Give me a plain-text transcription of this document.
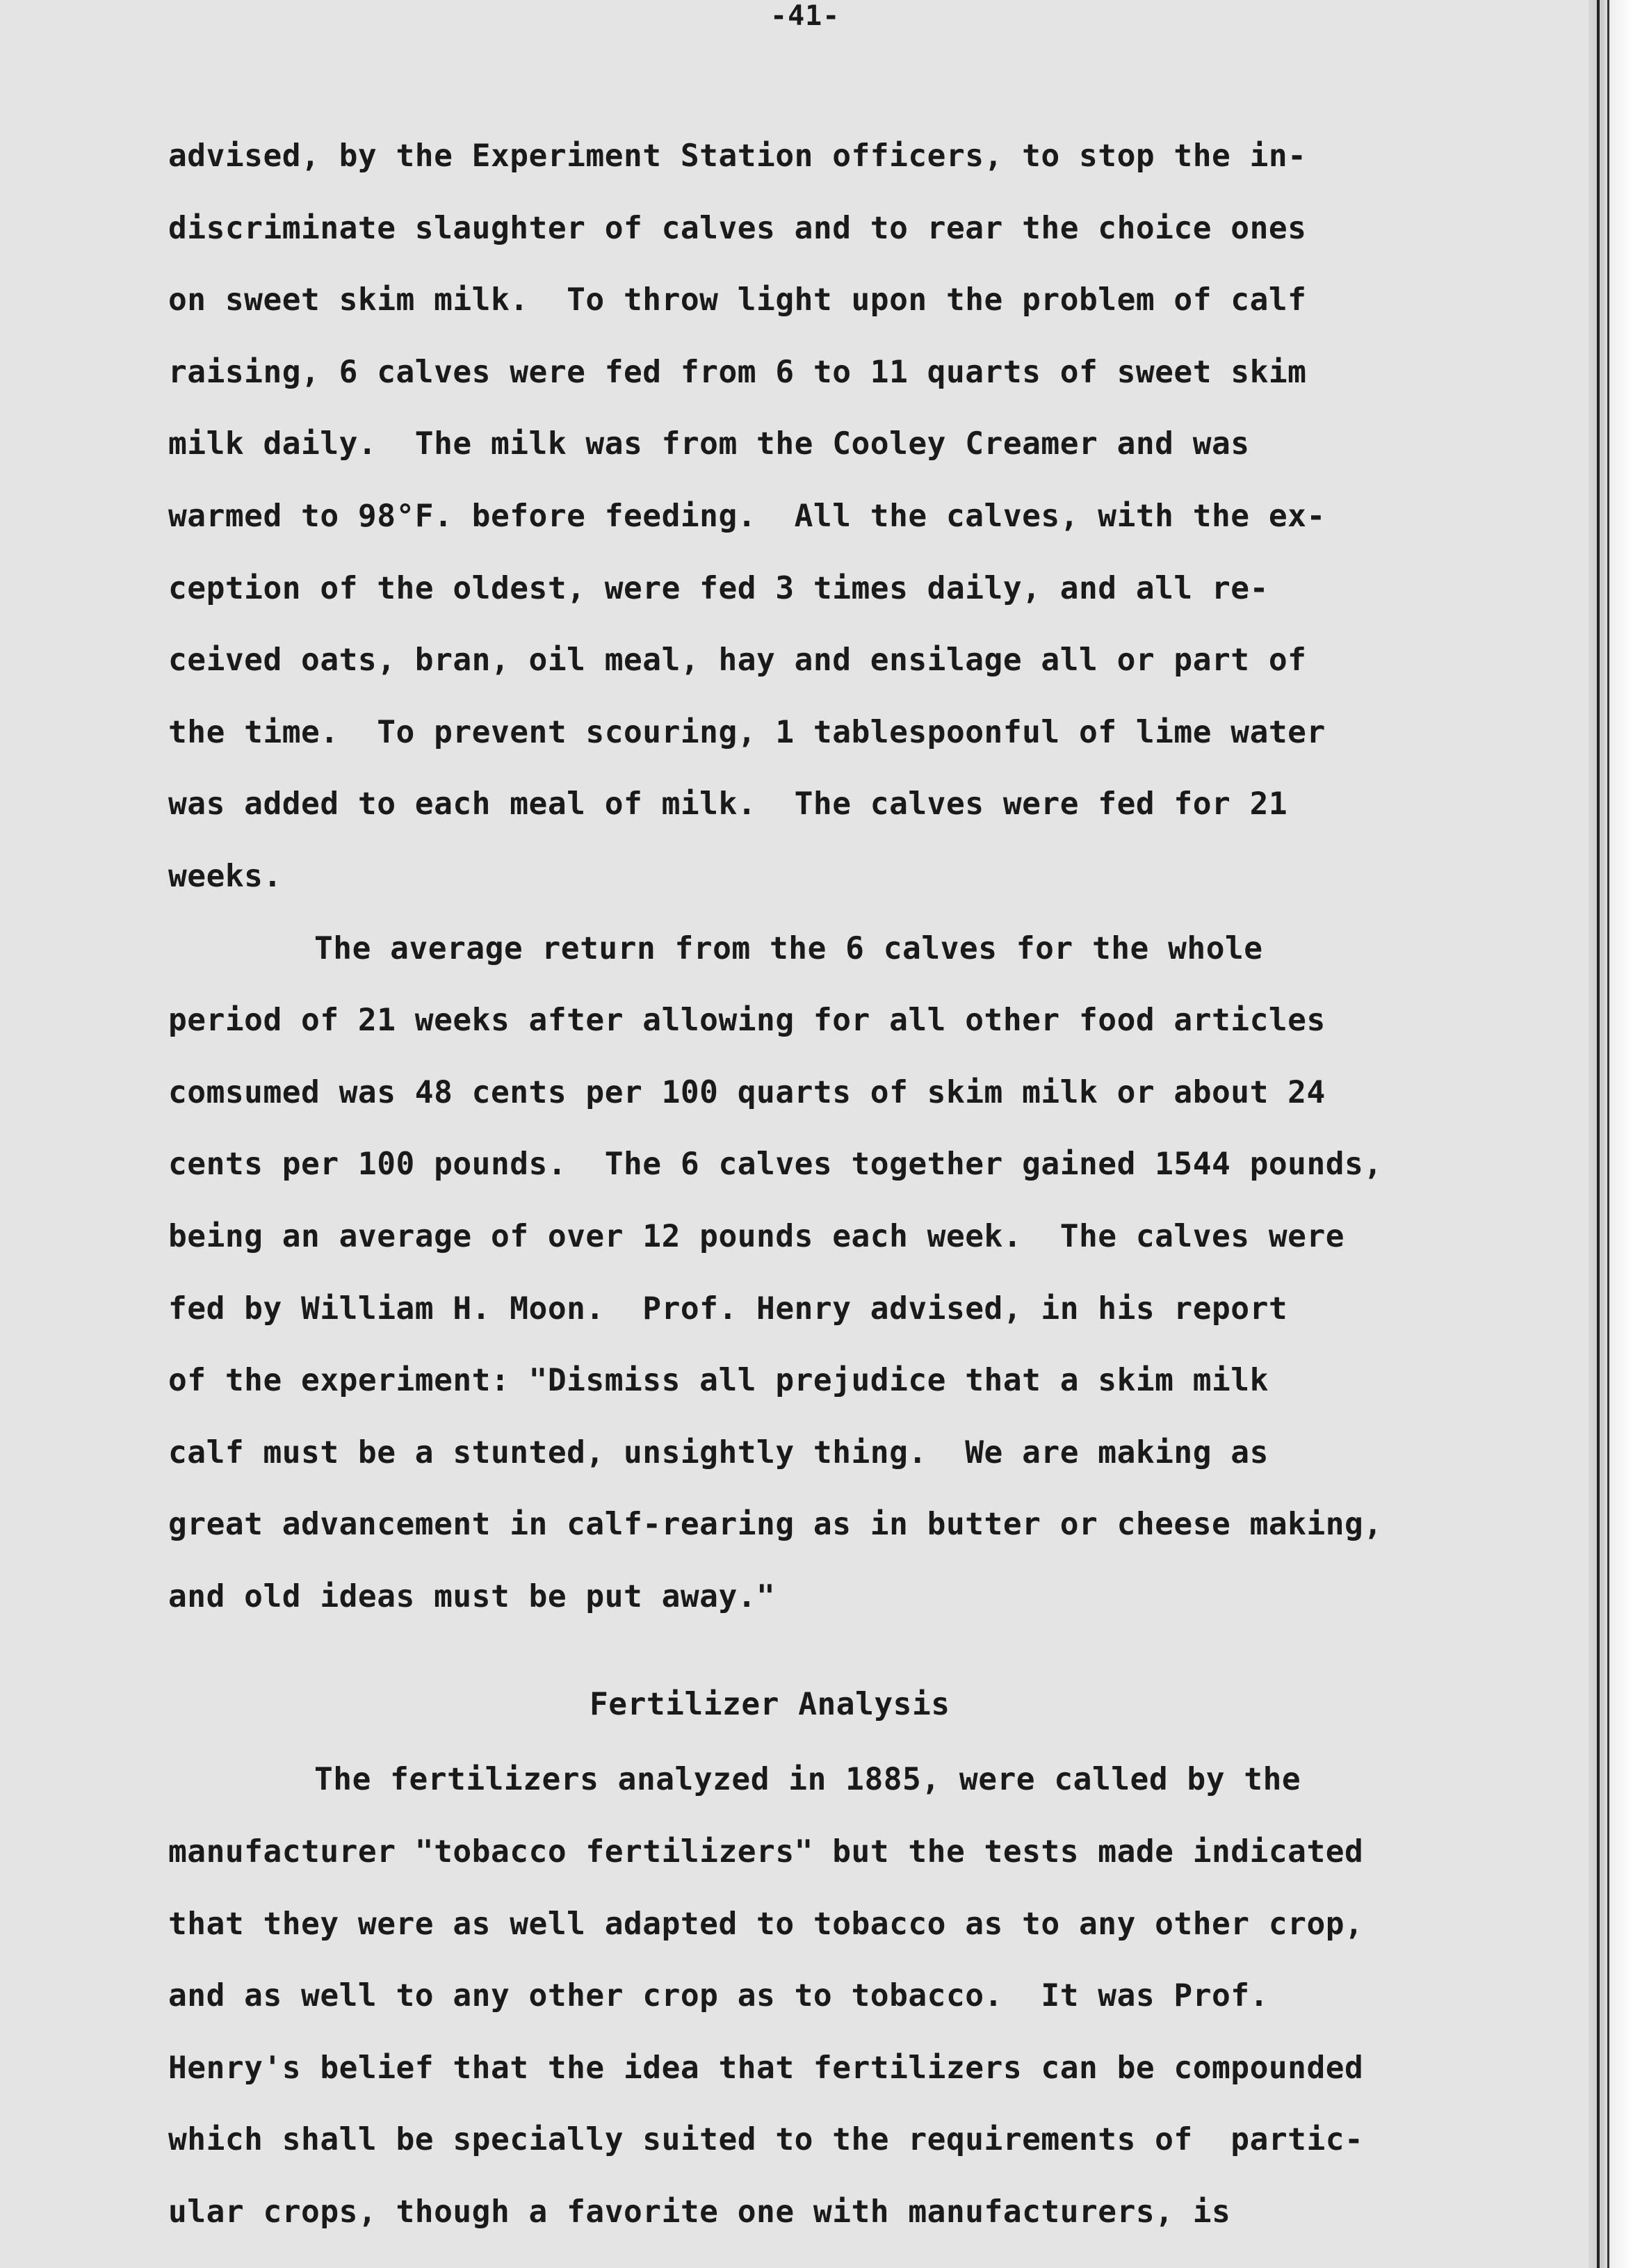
-41-
advised, by the Experiment Station officers, to stop the in-
discriminate slaughter of calves and to rear the choice ones
on sweet skim milk.  To throw light upon the problem of calf
raising, 6 calves were fed from 6 to 11 quarts of sweet skim
milk daily.  The milk was from the Cooley Creamer and was
warmed to 98°F. before feeding.  All the calves, with the ex-
ception of the oldest, were fed 3 times daily, and all re-
ceived oats, bran, oil meal, hay and ensilage all or part of
the time.  To prevent scouring, 1 tablespoonful of lime water
was added to each meal of milk.  The calves were fed for 21
weeks.
The average return from the 6 calves for the whole
period of 21 weeks after allowing for all other food articles
comsumed was 48 cents per 100 quarts of skim milk or about 24
cents per 100 pounds.  The 6 calves together gained 1544 pounds,
being an average of over 12 pounds each week.  The calves were
fed by William H. Moon.  Prof. Henry advised, in his report
of the experiment: "Dismiss all prejudice that a skim milk
calf must be a stunted, unsightly thing.  We are making as
great advancement in calf-rearing as in butter or cheese making,
and old ideas must be put away."
Fertilizer Analysis
The fertilizers analyzed in 1885, were called by the
manufacturer "tobacco fertilizers" but the tests made indicated
that they were as well adapted to tobacco as to any other crop,
and as well to any other crop as to tobacco.  It was Prof.
Henry's belief that the idea that fertilizers can be compounded
which shall be specially suited to the requirements of  partic-
ular crops, though a favorite one with manufacturers, is
